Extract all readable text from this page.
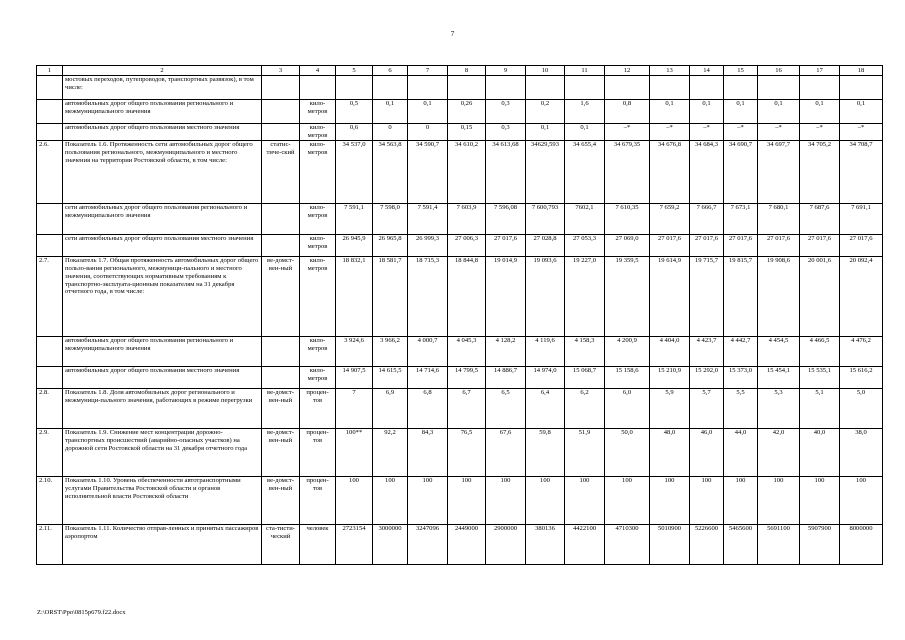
7
1	2	3	4	5	6	7	8	9	10	11	12	13	14	15	16	17	18
	мостовых переходов, путепроводов, транспортных развязок), в том числе:																
	автомобильных дорог общего пользования регионального и межмуниципального значения		кило-метров	0,5	0,1	0,1	0,26	0,3	0,2	1,6	0,8	0,1	0,1	0,1	0,1	0,1	0,1
	автомобильных дорог общего пользования местного значения		кило-метров	0,6	0	0	0,15	0,3	0,1	0,1	–*	–*	–*	–*	–*	–*	–*
2.6.	Показатель 1.6. Протяженность сети автомобильных дорог общего пользования регионального, межмуниципального и местного значения на территории Ростовской области, в том числе:	статис-тиче-ский	кило-метров	34 537,0	34 563,8	34 590,7	34 610,2	34 613,68	34629,593	34 655,4	34 679,35	34 676,8	34 684,3	34 690,7	34 697,7	34 705,2	34 708,7
	сети автомобильных дорог общего пользования регионального и межмуниципального значения		кило-метров	7 591,1	7 598,0	7 591,4	7 603,9	7 596,08	7 600,793	7602,1	7 610,35	7 659,2	7 666,7	7 673,1	7 680,1	7 687,6	7 691,1
	сети автомобильных дорог общего пользования местного значения		кило-метров	26 945,9	26 965,8	26 999,3	27 006,3	27 017,6	27 028,8	27 053,3	27 069,0	27 017,6	27 017,6	27 017,6	27 017,6	27 017,6	27 017,6
2.7.	Показатель 1.7. Общая протяженность автомобильных дорог общего пользо-вания регионального, межмуници-пального и местного значения, соответствующих нормативным требованиям к транспортно-эксплуата-ционным показателям на 31 декабря отчетного года, в том числе:	ве-домст-вен-ный	кило-метров	18 832,1	18 581,7	18 715,3	18 844,8	19 014,9	19 093,6	19 227,0	19 359,5	19 614,9	19 715,7	19 815,7	19 908,6	20 001,6	20 092,4
	автомобильных дорог общего пользования регионального и межмуниципального значения		кило-метров	3 924,6	3 966,2	4 000,7	4 045,3	4 128,2	4 119,6	4 158,3	4 200,9	4 404,0	4 423,7	4 442,7	4 454,5	4 466,5	4 476,2
	автомобильных дорог общего пользования местного значения		кило-метров	14 907,5	14 615,5	14 714,6	14 799,5	14 886,7	14 974,0	15 068,7	15 158,6	15 210,9	15 292,0	15 373,0	15 454,1	15 535,1	15 616,2
2.8.	Показатель 1.8. Доля автомобильных дорог регионального и межмуници-пального значения, работающих в режиме перегрузки	ве-домст-вен-ный	процен-тов	7	6,9	6,8	6,7	6,5	6,4	6,2	6,0	5,9	5,7	5,5	5,3	5,1	5,0
2.9.	Показатель 1.9. Снижение мест концентрации дорожно-транспортных происшествий (аварийно-опасных участков) на дорожной сети Ростовской области на 31 декабря отчетного года	ве-домст-вен-ный	процен-тов	100**	92,2	84,3	76,5	67,6	59,8	51,9	50,0	48,0	46,0	44,0	42,0	40,0	38,0
2.10.	Показатель 1.10. Уровень обеспеченности автотранспортными услугами Правительства Ростовской области и органов исполнительной власти Ростовской области	ве-домст-вен-ный	процен-тов	100	100	100	100	100	100	100	100	100	100	100	100	100	100
2.11.	Показатель 1.11. Количество отправ-ленных и принятых пассажиров аэропортом	ста-тисти-ческий	человек	2723154	3000000	3247096	2449000	2900000	380136	4422100	4710300	5010900	5226600	5465600	5691100	5907900	8000000
Z:\ORST\Ppo\0815p679.f22.docx
